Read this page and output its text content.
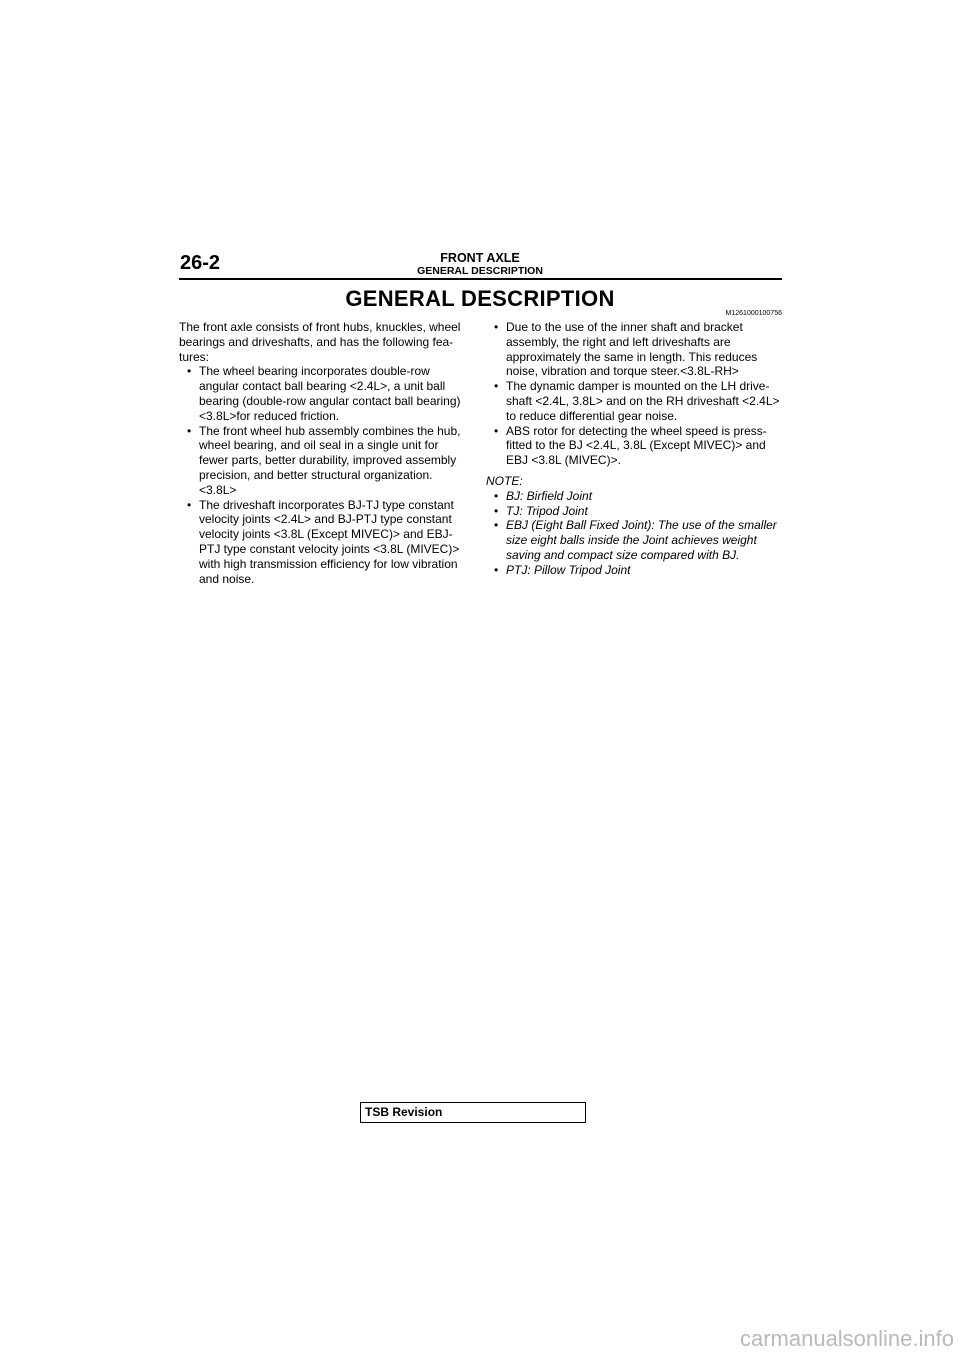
26-2	FRONT AXLE
GENERAL DESCRIPTION
GENERAL DESCRIPTION
M1261000100756

The front axle consists of front hubs, knuckles, wheel bearings and driveshafts, and has the following fea-tures:

• The wheel bearing incorporates double-row angular contact ball bearing <2.4L>, a unit ball bearing (double-row angular contact ball bearing) <3.8L>for reduced friction.
• The front wheel hub assembly combines the hub, wheel bearing, and oil seal in a single unit for fewer parts, better durability, improved assembly precision, and better structural organization. <3.8L>
• The driveshaft incorporates BJ-TJ type constant velocity joints <2.4L> and BJ-PTJ type constant velocity joints <3.8L (Except MIVEC)> and EBJ-PTJ type constant velocity joints <3.8L (MIVEC)> with high transmission efficiency for low vibration and noise.
• Due to the use of the inner shaft and bracket assembly, the right and left driveshafts are approximately the same in length. This reduces noise, vibration and torque steer.<3.8L-RH>
• The dynamic damper is mounted on the LH drive-shaft <2.4L, 3.8L> and on the RH driveshaft <2.4L> to reduce differential gear noise.
• ABS rotor for detecting the wheel speed is press-fitted to the BJ <2.4L, 3.8L (Except MIVEC)> and EBJ <3.8L (MIVEC)>.

NOTE:

• BJ: Birfield Joint
• TJ: Tripod Joint
• EBJ (Eight Ball Fixed Joint): The use of the smaller size eight balls inside the Joint achieves weight saving and compact size compared with BJ.
• PTJ: Pillow Tripod Joint
TSB Revision
carmanualsonline.info
